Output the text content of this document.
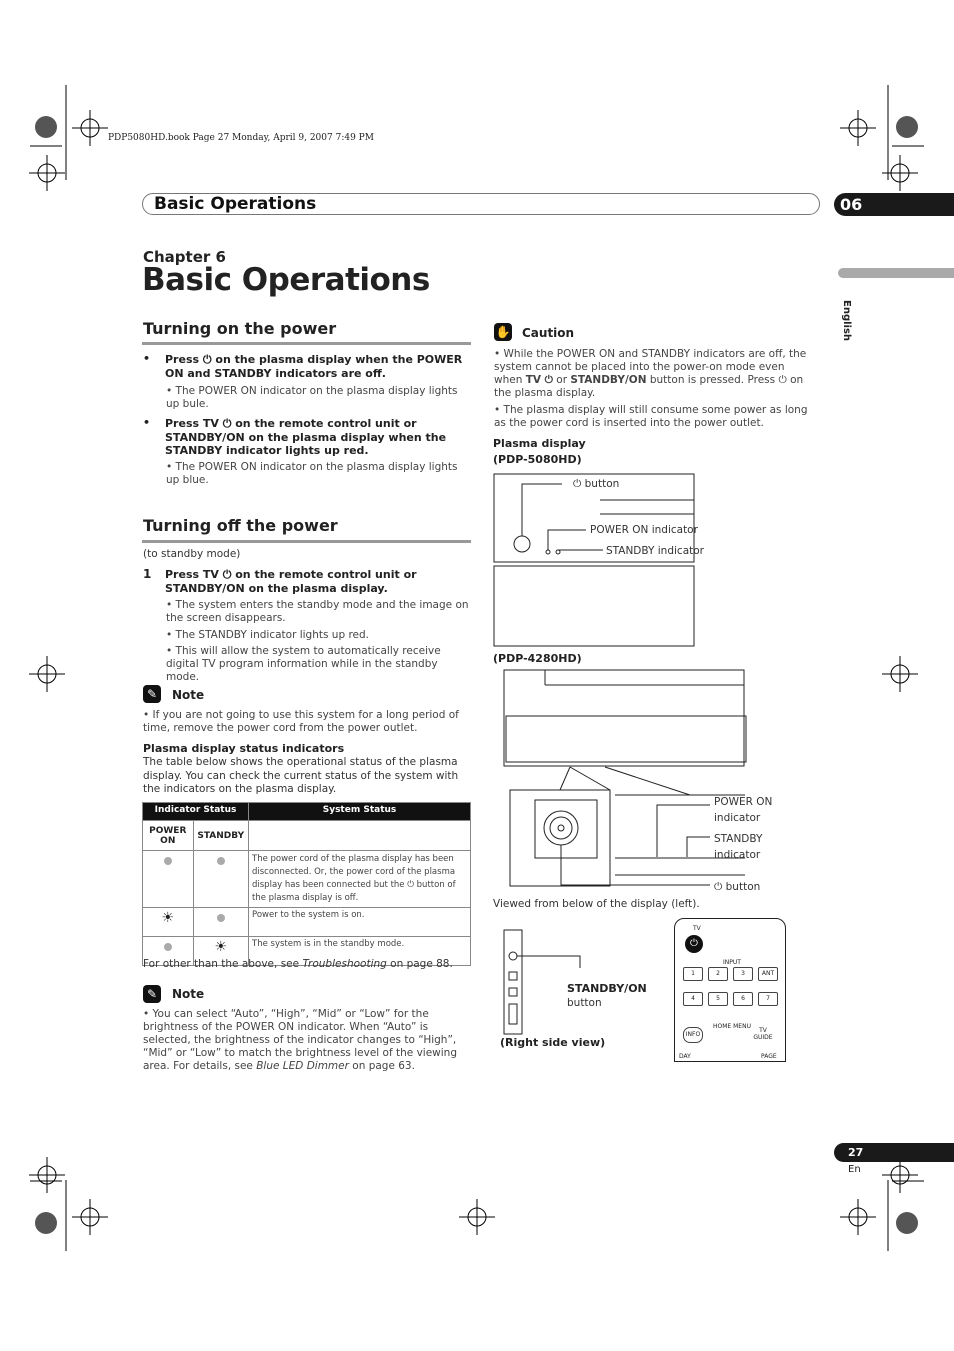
PDP5080HD.book Page 27 Monday, April 9, 2007 7:49 PM
Basic Operations	06
English
Chapter 6
Basic Operations
Turning on the power
• Press ⏻ on the plasma display when the POWER ON and STANDBY indicators are off.
• The POWER ON indicator on the plasma display lights up bule.
• Press TV ⏻ on the remote control unit or STANDBY/ON on the plasma display when the STANDBY indicator lights up red.
• The POWER ON indicator on the plasma display lights up blue.
Turning off the power
(to standby mode)
1 Press TV ⏻ on the remote control unit or STANDBY/ON on the plasma display.
• The system enters the standby mode and the image on the screen disappears.
• The STANDBY indicator lights up red.
• This will allow the system to automatically receive digital TV program information while in the standby mode.
✎	Note
• If you are not going to use this system for a long period of time, remove the power cord from the power outlet.
Plasma display status indicators
The table below shows the operational status of the plasma display. You can check the current status of the system with the indicators on the plasma display.
Indicator Status		System Status
POWER ON	STANDBY	
		The power cord of the plasma display has been disconnected. Or, the power cord of the plasma display has been connected but the ⏻ button of the plasma display is off.
☀		Power to the system is on.
	☀	The system is in the standby mode.
For other than the above, see Troubleshooting on page 88.
✎	Note
• You can select “Auto”, “High”, “Mid” or “Low” for the brightness of the POWER ON indicator. When “Auto” is selected, the brightness of the indicator changes to “High”, “Mid” or “Low” to match the brightness level of the viewing area. For details, see Blue LED Dimmer on page 63.
✋ Caution
• While the POWER ON and STANDBY indicators are off, the system cannot be placed into the power-on mode even when TV ⏻ or STANDBY/ON button is pressed. Press ⏻ on the plasma display.
• The plasma display will still consume some power as long as the power cord is inserted into the power outlet.
Plasma display
(PDP-5080HD)
⏻ button
POWER ON indicator
STANDBY indicator
(PDP-4280HD)
POWER ON
indicator
STANDBY
indicator
⏻ button
Viewed from below of the display (left).
STANDBY/ON
button
(Right side view)
TV
⏻
INPUT
1	2	3	ANT
4	5	6	7
INFO
HOME MENU
TV GUIDE
DAY	PAGE
27
En
